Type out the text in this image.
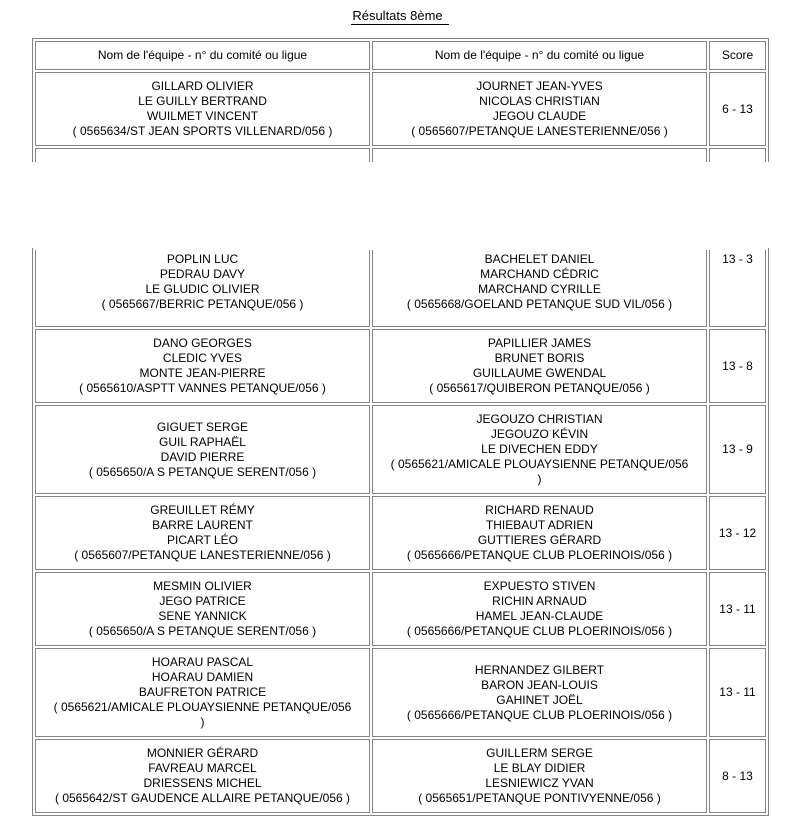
Résultats 8ème
Nom de l'équipe - n° du comité ou ligue	Nom de l'équipe - n° du comité ou ligue	Score
GILLARD OLIVIER
LE GUILLY BERTRAND
WUILMET VINCENT
( 0565634/ST JEAN SPORTS VILLENARD/056 )	JOURNET JEAN-YVES
NICOLAS CHRISTIAN
JEGOU CLAUDE
( 0565607/PETANQUE LANESTERIENNE/056 )	6 - 13

POPLIN LUC
PEDRAU DAVY
LE GLUDIC OLIVIER
( 0565667/BERRIC PETANQUE/056 )	BACHELET DANIEL
MARCHAND CÉDRIC
MARCHAND CYRILLE
( 0565668/GOELAND PETANQUE SUD VIL/056 )	13 - 3
DANO GEORGES
CLEDIC YVES
MONTE JEAN-PIERRE
( 0565610/ASPTT VANNES PETANQUE/056 )	PAPILLIER JAMES
BRUNET BORIS
GUILLAUME GWENDAL
( 0565617/QUIBERON PETANQUE/056 )	13 - 8
GIGUET SERGE
GUIL RAPHAËL
DAVID PIERRE
( 0565650/A S PETANQUE SERENT/056 )	JEGOUZO CHRISTIAN
JEGOUZO KÉVIN
LE DIVECHEN EDDY
( 0565621/AMICALE PLOUAYSIENNE PETANQUE/056
)	13 - 9
GREUILLET RÉMY
BARRE LAURENT
PICART LÉO
( 0565607/PETANQUE LANESTERIENNE/056 )	RICHARD RENAUD
THIEBAUT ADRIEN
GUTTIERES GÉRARD
( 0565666/PETANQUE CLUB PLOERINOIS/056 )	13 - 12
MESMIN OLIVIER
JEGO PATRICE
SENE YANNICK
( 0565650/A S PETANQUE SERENT/056 )	EXPUESTO STIVEN
RICHIN ARNAUD
HAMEL JEAN-CLAUDE
( 0565666/PETANQUE CLUB PLOERINOIS/056 )	13 - 11
HOARAU PASCAL
HOARAU DAMIEN
BAUFRETON PATRICE
( 0565621/AMICALE PLOUAYSIENNE PETANQUE/056
)	HERNANDEZ GILBERT
BARON JEAN-LOUIS
GAHINET JOËL
( 0565666/PETANQUE CLUB PLOERINOIS/056 )	13 - 11
MONNIER GÉRARD
FAVREAU MARCEL
DRIESSENS MICHEL
( 0565642/ST GAUDENCE ALLAIRE PETANQUE/056 )	GUILLERM SERGE
LE BLAY DIDIER
LESNIEWICZ YVAN
( 0565651/PETANQUE PONTIVYENNE/056 )	8 - 13
